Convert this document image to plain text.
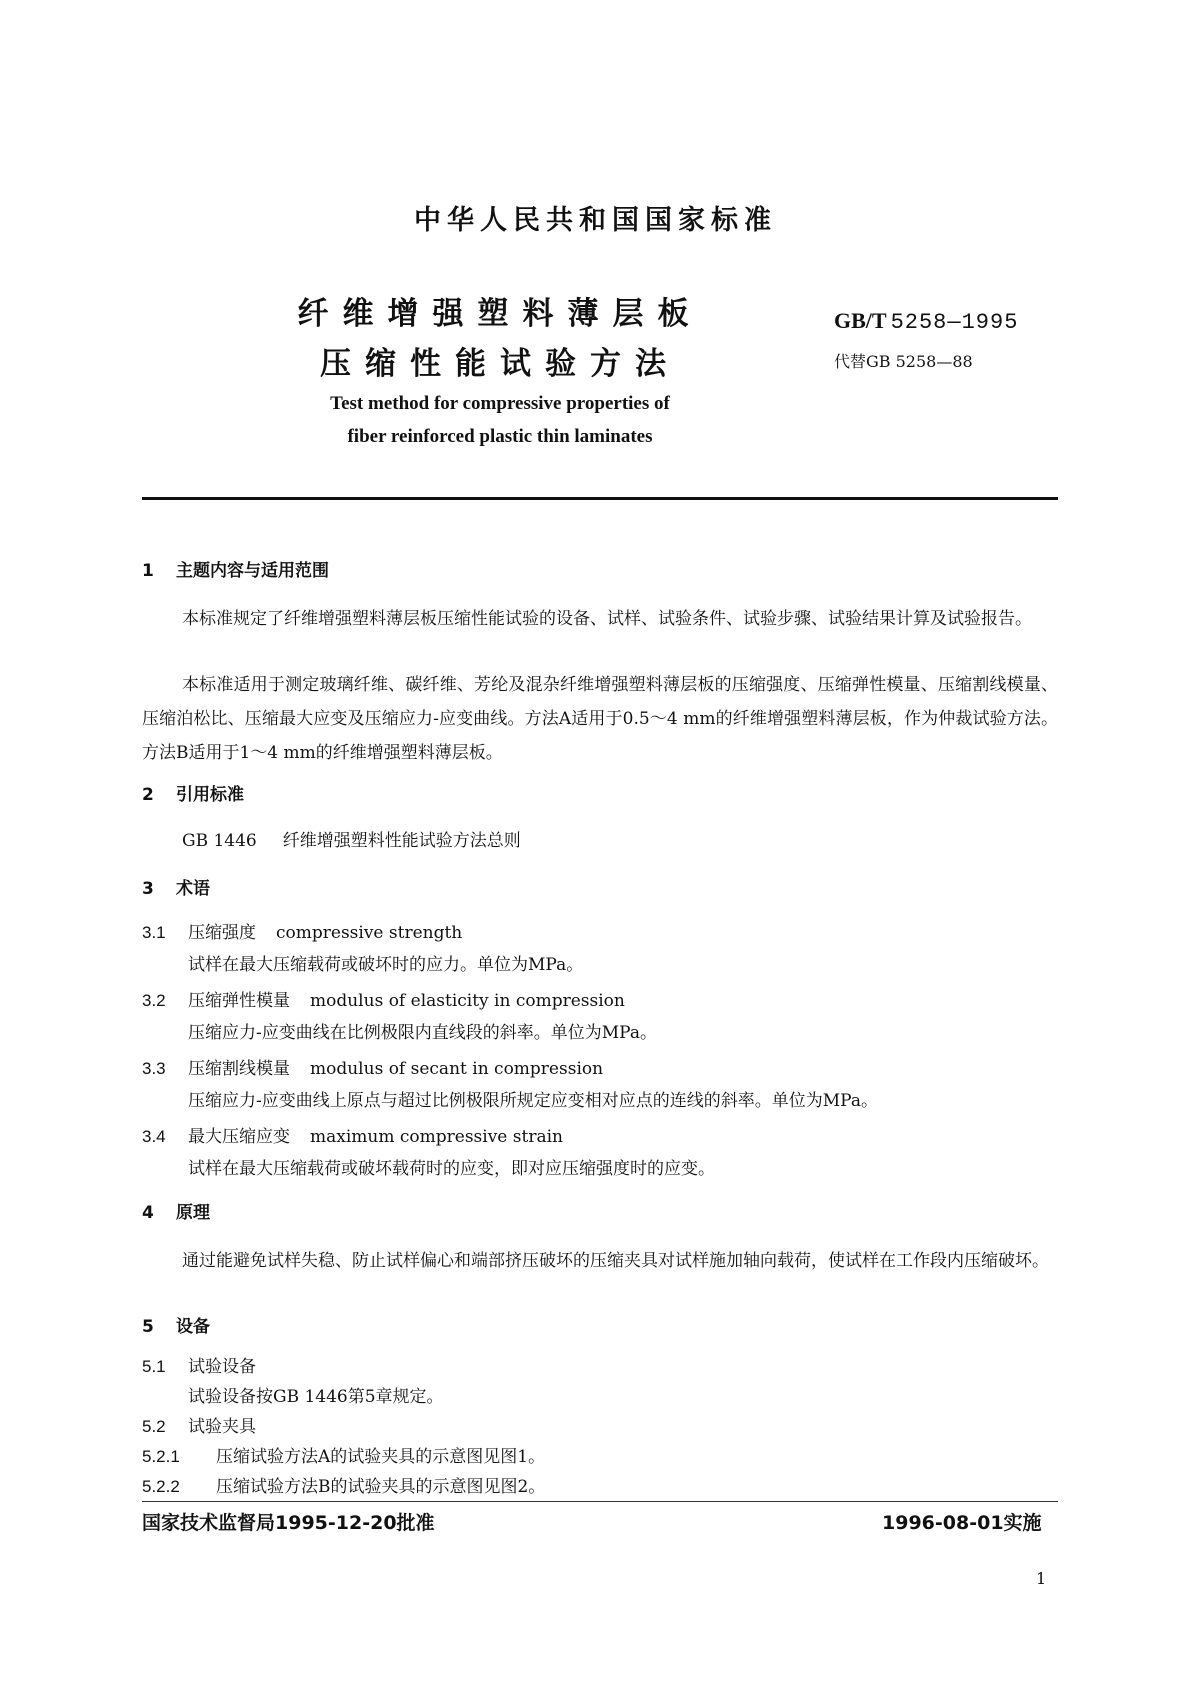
中华人民共和国国家标准
纤维增强塑料薄层板
压缩性能试验方法
Test method for compressive properties of
fiber reinforced plastic thin laminates
GB/T 5258—1995
代替GB 5258—88
1 主题内容与适用范围
本标准规定了纤维增强塑料薄层板压缩性能试验的设备、试样、试验条件、试验步骤、试验结果计算及试验报告。
本标准适用于测定玻璃纤维、碳纤维、芳纶及混杂纤维增强塑料薄层板的压缩强度、压缩弹性模量、压缩割线模量、压缩泊松比、压缩最大应变及压缩应力-应变曲线。方法A适用于0.5～4 mm的纤维增强塑料薄层板，作为仲裁试验方法。方法B适用于1～4 mm的纤维增强塑料薄层板。
2 引用标准
GB 1446 纤维增强塑料性能试验方法总则
3 术语
3.1 压缩强度 compressive strength
试样在最大压缩载荷或破坏时的应力。单位为MPa。
3.2 压缩弹性模量 modulus of elasticity in compression
压缩应力-应变曲线在比例极限内直线段的斜率。单位为MPa。
3.3 压缩割线模量 modulus of secant in compression
压缩应力-应变曲线上原点与超过比例极限所规定应变相对应点的连线的斜率。单位为MPa。
3.4 最大压缩应变 maximum compressive strain
试样在最大压缩载荷或破坏载荷时的应变，即对应压缩强度时的应变。
4 原理
通过能避免试样失稳、防止试样偏心和端部挤压破坏的压缩夹具对试样施加轴向载荷，使试样在工作段内压缩破坏。
5 设备
5.1 试验设备
试验设备按GB 1446第5章规定。
5.2 试验夹具
5.2.1 压缩试验方法A的试验夹具的示意图见图1。
国家技术监督局1995-12-20批准	1996-08-01实施
1
5.2.2 压缩试验方法B的试验夹具的示意图见图2。
